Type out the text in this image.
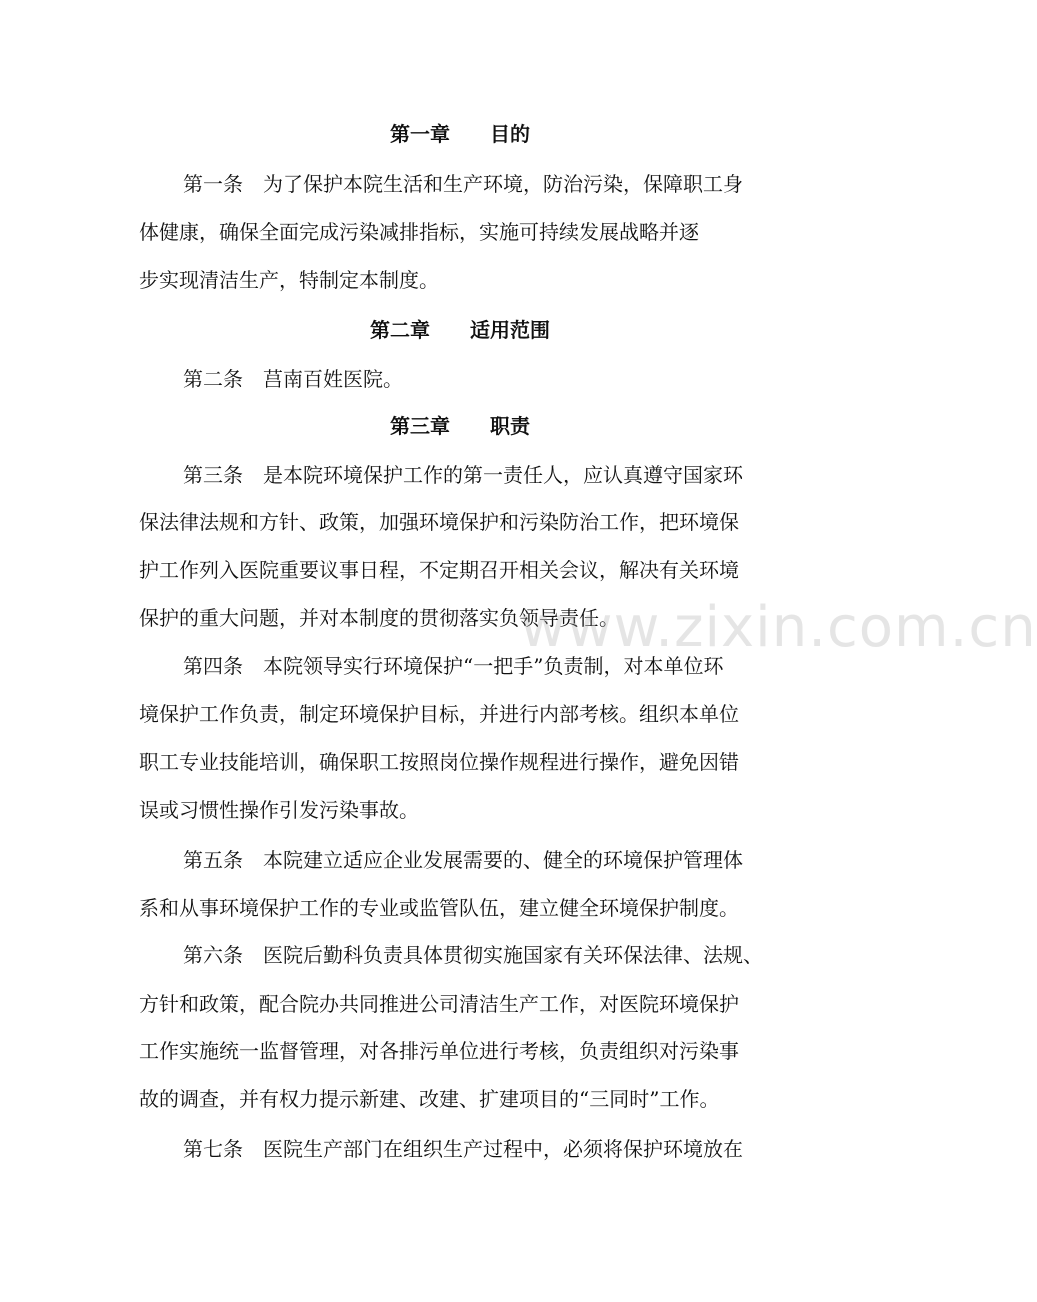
第一章　　目的
第一条　为了保护本院生活和生产环境，防治污染，保障职工身
体健康，确保全面完成污染减排指标，实施可持续发展战略并逐
步实现清洁生产，特制定本制度。
第二章　　适用范围
第二条　莒南百姓医院。
第三章　　职责
第三条　是本院环境保护工作的第一责任人，应认真遵守国家环
保法律法规和方针、政策，加强环境保护和污染防治工作，把环境保
护工作列入医院重要议事日程，不定期召开相关会议，解决有关环境
保护的重大问题，并对本制度的贯彻落实负领导责任。
第四条　本院领导实行环境保护“一把手”负责制，对本单位环
境保护工作负责，制定环境保护目标，并进行内部考核。组织本单位
职工专业技能培训，确保职工按照岗位操作规程进行操作，避免因错
误或习惯性操作引发污染事故。
第五条　本院建立适应企业发展需要的、健全的环境保护管理体
系和从事环境保护工作的专业或监管队伍，建立健全环境保护制度。
第六条　医院后勤科负责具体贯彻实施国家有关环保法律、法规、
方针和政策，配合院办共同推进公司清洁生产工作，对医院环境保护
工作实施统一监督管理，对各排污单位进行考核，负责组织对污染事
故的调查，并有权力提示新建、改建、扩建项目的“三同时”工作。
第七条　医院生产部门在组织生产过程中，必须将保护环境放在
www.zixin.com.cn
